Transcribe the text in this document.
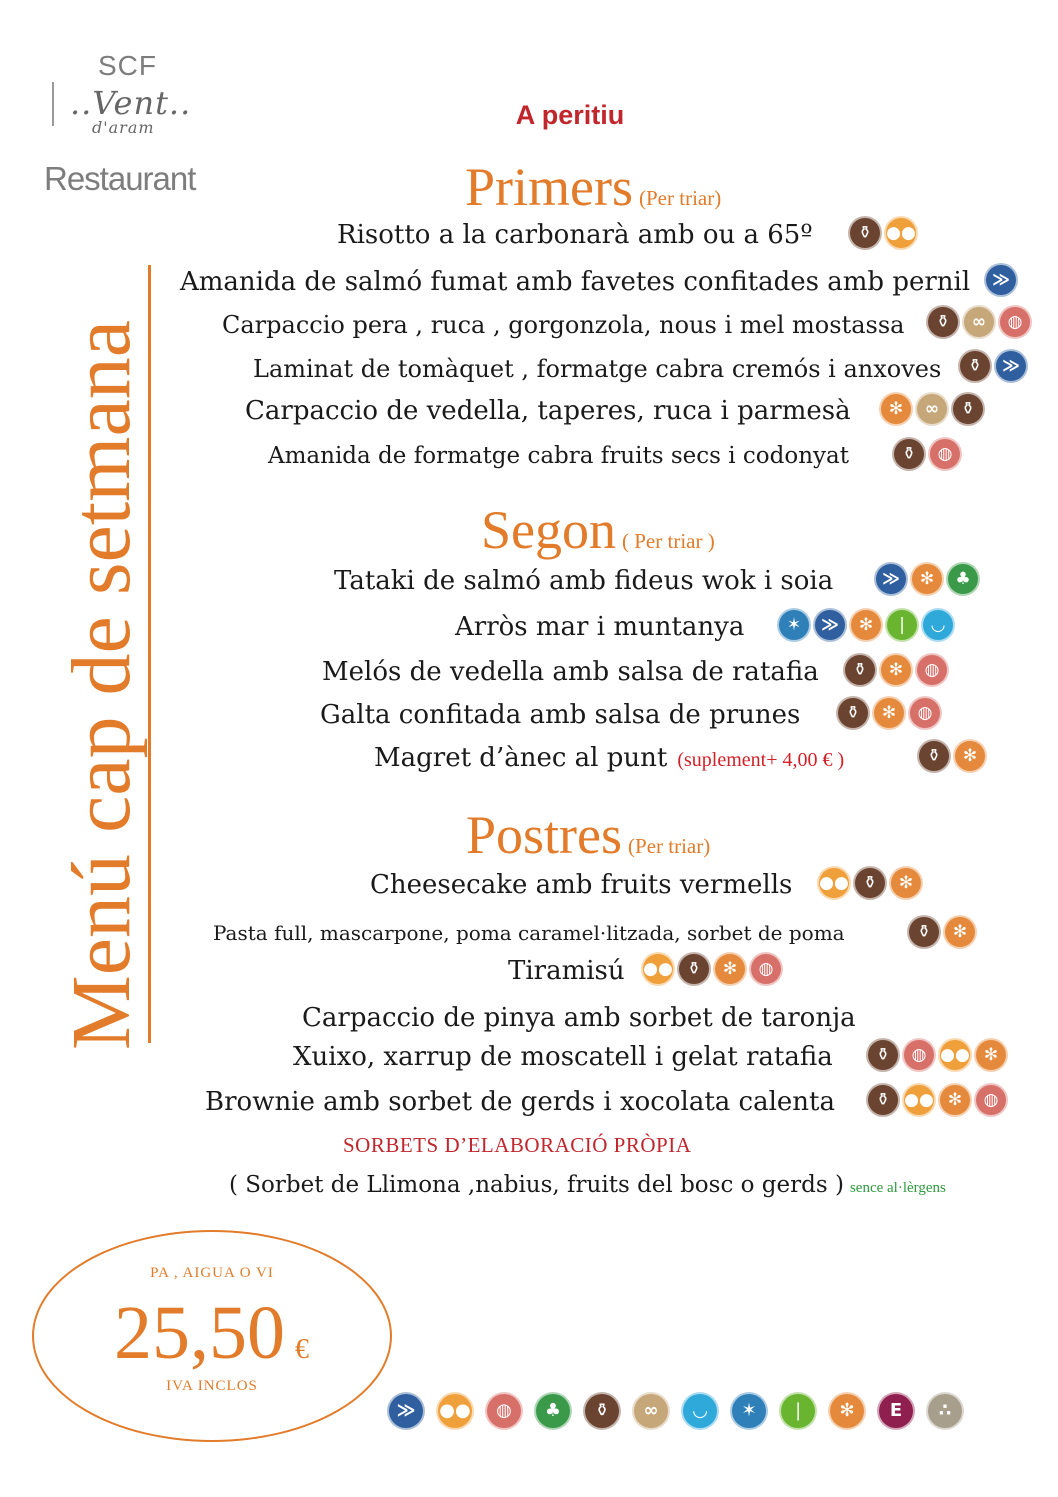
SCF
..Vent..
d'aram
Restaurant
Menú cap de setmana
A peritiu
Primers (Per triar)
Segon ( Per triar )
Postres (Per triar)
Risotto a la carbonarà amb ou a 65º	⚱ ●●
Amanida de salmó fumat amb favetes confitades amb pernil	≫
Carpaccio pera , ruca , gorgonzola, nous i mel mostassa	⚱	∞	◍
Laminat de tomàquet , formatge cabra cremós i anxoves	⚱	≫
Carpaccio de vedella, taperes, ruca i parmesà	✻	∞	⚱
Amanida de formatge cabra fruits secs i codonyat	⚱	◍
Tataki de salmó amb fideus wok i soia	≫	✻	♣
Arròs mar i muntanya	✶	≫	✻	❘	◡
Melós de vedella amb salsa de ratafia	⚱	✻	◍
Galta confitada amb salsa de prunes	⚱	✻	◍
Magret d’ànec al punt (suplement+ 4,00 € )	⚱	✻
Cheesecake amb fruits vermells ●● ⚱	✻
Pasta full, mascarpone, poma caramel·litzada, sorbet de poma	⚱	✻
Tiramisú ●● ⚱	✻	◍
Carpaccio de pinya amb sorbet de taronja
Xuixo, xarrup de moscatell i gelat ratafia	⚱	◍ ●● ✻
Brownie amb sorbet de gerds i xocolata calenta	⚱ ●● ✻	◍
SORBETS D’ELABORACIÓ PRÒPIA
( Sorbet de Llimona ,nabius, fruits del bosc o gerds ) sence al·lèrgens
PA , AIGUA O VI
25,50 €
IVA INCLOS
≫	●●	◍	♣	⚱	∞	◡	✶	❘	✻	E	∴
